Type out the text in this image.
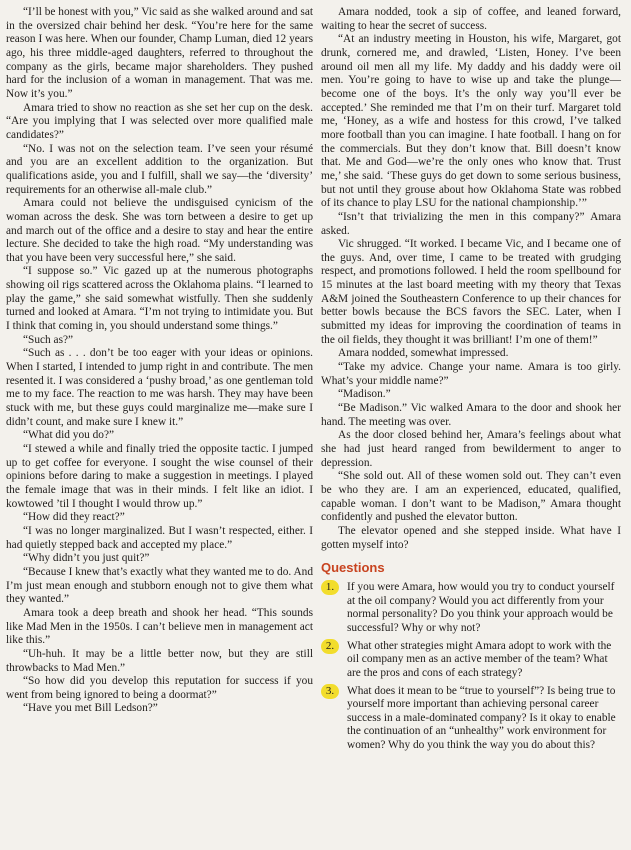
“I’ll be honest with you,” Vic said as she walked around and sat in the oversized chair behind her desk. “You’re here for the same reason I was here. When our founder, Champ Luman, died 12 years ago, his three middle-aged daughters, referred to throughout the company as the girls, became major shareholders. They pushed hard for the inclusion of a woman in management. That was me. Now it’s you.”

Amara tried to show no reaction as she set her cup on the desk. “Are you implying that I was selected over more qualified male candidates?”

“No. I was not on the selection team. I’ve seen your résumé and you are an excellent addition to the organization. But qualifications aside, you and I fulfill, shall we say—the ‘diversity’ requirements for an otherwise all-male club.”

Amara could not believe the undisguised cynicism of the woman across the desk. She was torn between a desire to get up and march out of the office and a desire to stay and hear the entire lecture. She decided to take the high road. “My understanding was that you have been very successful here,” she said.

“I suppose so.” Vic gazed up at the numerous photographs showing oil rigs scattered across the Oklahoma plains. “I learned to play the game,” she said somewhat wistfully. Then she suddenly turned and looked at Amara. “I’m not trying to intimidate you. But I think that coming in, you should understand some things.”

“Such as?”

“Such as . . . don’t be too eager with your ideas or opinions. When I started, I intended to jump right in and contribute. The men resented it. I was considered a ‘pushy broad,’ as one gentleman told me to my face. The reaction to me was harsh. They may have been stuck with me, but these guys could marginalize me—make sure I didn’t count, and make sure I knew it.”

“What did you do?”

“I stewed a while and finally tried the opposite tactic. I jumped up to get coffee for everyone. I sought the wise counsel of their opinions before daring to make a suggestion in meetings. I played the female image that was in their minds. I felt like an idiot. I kowtowed ’til I thought I would throw up.”

“How did they react?”

“I was no longer marginalized. But I wasn’t respected, either. I had quietly stepped back and accepted my place.”

“Why didn’t you just quit?”

“Because I knew that’s exactly what they wanted me to do. And I’m just mean enough and stubborn enough not to give them what they wanted.”

Amara took a deep breath and shook her head. “This sounds like Mad Men in the 1950s. I can’t believe men in management act like this.”

“Uh-huh. It may be a little better now, but they are still throwbacks to Mad Men.”

“So how did you develop this reputation for success if you went from being ignored to being a doormat?”

“Have you met Bill Ledson?”

Amara nodded, took a sip of coffee, and leaned forward, waiting to hear the secret of success.

“At an industry meeting in Houston, his wife, Margaret, got drunk, cornered me, and drawled, ‘Listen, Honey. I’ve been around oil men all my life. My daddy and his daddy were oil men. You’re going to have to wise up and take the plunge—become one of the boys. It’s the only way you’ll ever be accepted.’ She reminded me that I’m on their turf. Margaret told me, ‘Honey, as a wife and hostess for this crowd, I’ve talked more football than you can imagine. I hate football. I hang on for the commercials. But they don’t know that. Bill doesn’t know that. Me and God—we’re the only ones who know that. Trust me,’ she said. ‘These guys do get down to some serious business, but not until they grouse about how Oklahoma State was robbed of its chance to play LSU for the national championship.’”

“Isn’t that trivializing the men in this company?” Amara asked.

Vic shrugged. “It worked. I became Vic, and I became one of the guys. And, over time, I came to be treated with grudging respect, and promotions followed. I held the room spellbound for 15 minutes at the last board meeting with my theory that Texas A&M joined the Southeastern Conference to up their chances for better bowls because the BCS favors the SEC. Later, when I submitted my ideas for improving the coordination of teams in the oil fields, they thought it was brilliant! I’m one of them!”

Amara nodded, somewhat impressed.

“Take my advice. Change your name. Amara is too girly. What’s your middle name?”

“Madison.”

“Be Madison.” Vic walked Amara to the door and shook her hand. The meeting was over.

As the door closed behind her, Amara’s feelings about what she had just heard ranged from bewilderment to anger to depression.

“She sold out. All of these women sold out. They can’t even be who they are. I am an experienced, educated, qualified, capable woman. I don’t want to be Madison,” Amara thought confidently and pushed the elevator button.

The elevator opened and she stepped inside. What have I gotten myself into?

Questions
1.	If you were Amara, how would you try to conduct yourself at the oil company? Would you act differently from your normal personality? Do you think your approach would be successful? Why or why not?
2.	What other strategies might Amara adopt to work with the oil company men as an active member of the team? What are the pros and cons of each strategy?
3.	What does it mean to be “true to yourself”? Is being true to yourself more important than achieving personal career success in a male-dominated company? Is it okay to enable the continuation of an “unhealthy” work environment for women? Why do you think the way you do about this?
